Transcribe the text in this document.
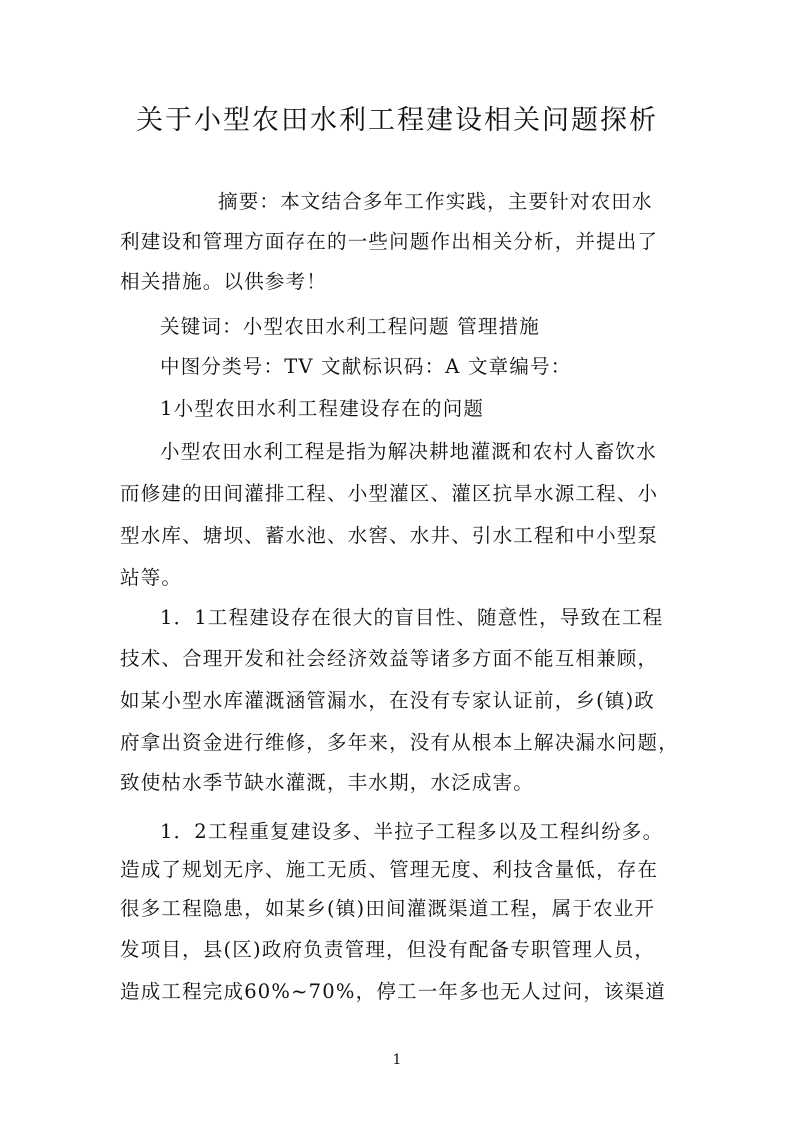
关于小型农田水利工程建设相关问题探析
摘要：本文结合多年工作实践，主要针对农田水
利建设和管理方面存在的一些问题作出相关分析，并提出了
相关措施。以供参考！
关键词：小型农田水利工程问题 管理措施
中图分类号：TV 文献标识码：A 文章编号：
1小型农田水利工程建设存在的问题
小型农田水利工程是指为解决耕地灌溉和农村人畜饮水
而修建的田间灌排工程、小型灌区、灌区抗旱水源工程、小
型水库、塘坝、蓄水池、水窖、水井、引水工程和中小型泵
站等。
1．1工程建设存在很大的盲目性、随意性，导致在工程
技术、合理开发和社会经济效益等诸多方面不能互相兼顾，
如某小型水库灌溉涵管漏水，在没有专家认证前，乡(镇)政
府拿出资金进行维修，多年来，没有从根本上解决漏水问题，
致使枯水季节缺水灌溉，丰水期，水泛成害。
1．2工程重复建设多、半拉子工程多以及工程纠纷多。
造成了规划无序、施工无质、管理无度、利技含量低，存在
很多工程隐患，如某乡(镇)田间灌溉渠道工程，属于农业开
发项目，县(区)政府负责管理，但没有配备专职管理人员，
造成工程完成60%~70%，停工一年多也无人过问，该渠道
1
